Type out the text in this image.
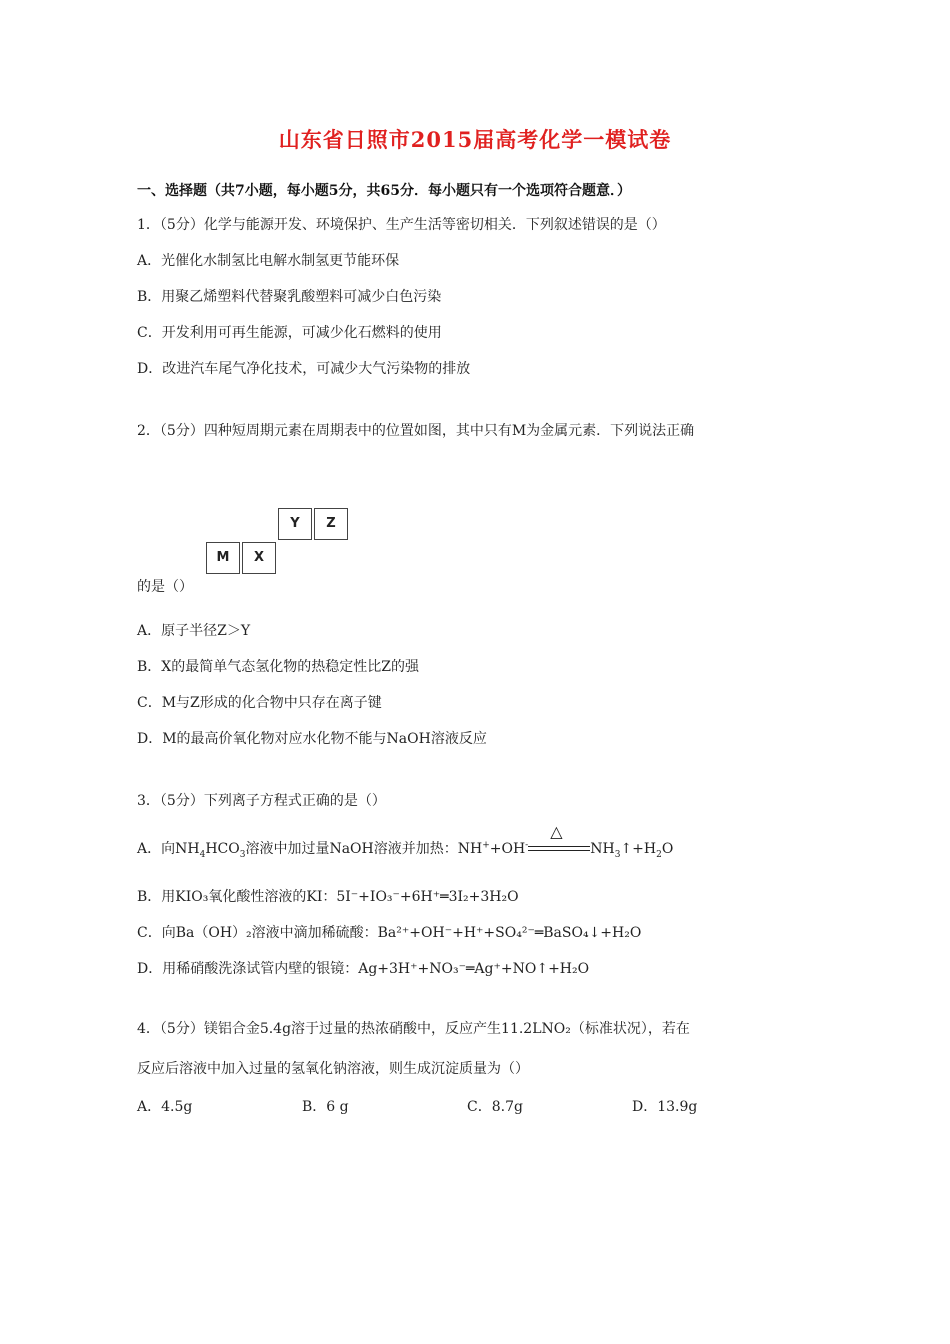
山东省日照市2015届高考化学一模试卷
一、选择题（共7小题，每小题5分，共65分．每小题只有一个选项符合题意．）
1．（5分）化学与能源开发、环境保护、生产生活等密切相关．下列叙述错误的是（）
A．光催化水制氢比电解水制氢更节能环保
B．用聚乙烯塑料代替聚乳酸塑料可减少白色污染
C．开发利用可再生能源，可减少化石燃料的使用
D．改进汽车尾气净化技术，可减少大气污染物的排放
2．（5分）四种短周期元素在周期表中的位置如图，其中只有M为金属元素．下列说法正确
Y	Z
M	X
的是（）
A．原子半径Z＞Y
B．X的最简单气态氢化物的热稳定性比Z的强
C．M与Z形成的化合物中只存在离子键
D．M的最高价氧化物对应水化物不能与NaOH溶液反应
3．（5分）下列离子方程式正确的是（）
A．向$NH_4HCO_3$溶液中加过量NaOH溶液并加热：NH++OH-
△
$NH_3↑+H_2O$
B．用KIO₃氧化酸性溶液的KI：5I⁻+IO₃⁻+6H⁺═3I₂+3H₂O
C．向Ba（OH）₂溶液中滴加稀硫酸：Ba²⁺+OH⁻+H⁺+SO₄²⁻═BaSO₄↓+H₂O
D．用稀硝酸洗涤试管内壁的银镜：Ag+3H⁺+NO₃⁻═Ag⁺+NO↑+H₂O
4．（5分）镁铝合金5.4g溶于过量的热浓硝酸中，反应产生11.2LNO₂（标准状况），若在
反应后溶液中加入过量的氢氧化钠溶液，则生成沉淀质量为（）
A．4.5g	B．6 g	C．8.7g	D．13.9g
